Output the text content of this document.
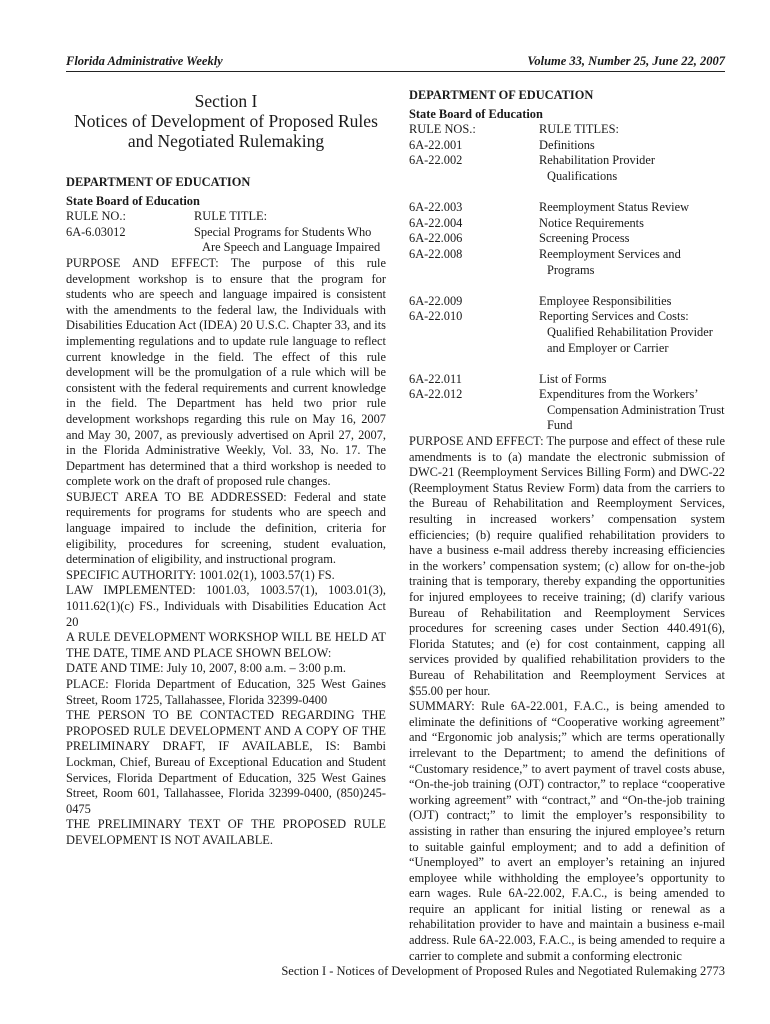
Florida Administrative Weekly	Volume 33, Number 25, June 22, 2007
Section I
Notices of Development of Proposed Rules
and Negotiated Rulemaking
DEPARTMENT OF EDUCATION
State Board of Education
RULE NO.:	RULE TITLE:
6A-6.03012	Special Programs for Students Who
Are Speech and Language Impaired

PURPOSE AND EFFECT: The purpose of this rule development workshop is to ensure that the program for students who are speech and language impaired is consistent with the amendments to the federal law, the Individuals with Disabilities Education Act (IDEA) 20 U.S.C. Chapter 33, and its implementing regulations and to update rule language to reflect current knowledge in the field. The effect of this rule development will be the promulgation of a rule which will be consistent with the federal requirements and current knowledge in the field. The Department has held two prior rule development workshops regarding this rule on May 16, 2007 and May 30, 2007, as previously advertised on April 27, 2007, in the Florida Administrative Weekly, Vol. 33, No. 17. The Department has determined that a third workshop is needed to complete work on the draft of proposed rule changes.

SUBJECT AREA TO BE ADDRESSED: Federal and state requirements for programs for students who are speech and language impaired to include the definition, criteria for eligibility, procedures for screening, student evaluation, determination of eligibility, and instructional program.

SPECIFIC AUTHORITY: 1001.02(1), 1003.57(1) FS.

LAW IMPLEMENTED: 1001.03, 1003.57(1), 1003.01(3), 1011.62(1)(c) FS., Individuals with Disabilities Education Act 20

A RULE DEVELOPMENT WORKSHOP WILL BE HELD AT THE DATE, TIME AND PLACE SHOWN BELOW:

DATE AND TIME: July 10, 2007, 8:00 a.m. – 3:00 p.m.

PLACE: Florida Department of Education, 325 West Gaines Street, Room 1725, Tallahassee, Florida 32399-0400

THE PERSON TO BE CONTACTED REGARDING THE PROPOSED RULE DEVELOPMENT AND A COPY OF THE PRELIMINARY DRAFT, IF AVAILABLE, IS: Bambi Lockman, Chief, Bureau of Exceptional Education and Student Services, Florida Department of Education, 325 West Gaines Street, Room 601, Tallahassee, Florida 32399-0400, (850)245-0475

THE PRELIMINARY TEXT OF THE PROPOSED RULE DEVELOPMENT IS NOT AVAILABLE.

DEPARTMENT OF EDUCATION
State Board of Education
RULE NOS.:	RULE TITLES:
6A-22.001	Definitions
6A-22.002	Rehabilitation Provider
Qualifications
6A-22.003	Reemployment Status Review
6A-22.004	Notice Requirements
6A-22.006	Screening Process
6A-22.008	Reemployment Services and
Programs
6A-22.009	Employee Responsibilities
6A-22.010	Reporting Services and Costs:
Qualified Rehabilitation Provider
and Employer or Carrier
6A-22.011	List of Forms
6A-22.012	Expenditures from the Workers’
Compensation Administration Trust
Fund

PURPOSE AND EFFECT: The purpose and effect of these rule amendments is to (a) mandate the electronic submission of DWC-21 (Reemployment Services Billing Form) and DWC-22 (Reemployment Status Review Form) data from the carriers to the Bureau of Rehabilitation and Reemployment Services, resulting in increased workers’ compensation system efficiencies; (b) require qualified rehabilitation providers to have a business e-mail address thereby increasing efficiencies in the workers’ compensation system; (c) allow for on-the-job training that is temporary, thereby expanding the opportunities for injured employees to receive training; (d) clarify various Bureau of Rehabilitation and Reemployment Services procedures for screening cases under Section 440.491(6), Florida Statutes; and (e) for cost containment, capping all services provided by qualified rehabilitation providers to the Bureau of Rehabilitation and Reemployment Services at $55.00 per hour.

SUMMARY: Rule 6A-22.001, F.A.C., is being amended to eliminate the definitions of “Cooperative working agreement” and “Ergonomic job analysis;” which are terms operationally irrelevant to the Department; to amend the definitions of “Customary residence,” to avert payment of travel costs abuse, “On-the-job training (OJT) contractor,” to replace “cooperative working agreement” with “contract,” and “On-the-job training (OJT) contract;” to limit the employer’s responsibility to assisting in rather than ensuring the injured employee’s return to suitable gainful employment; and to add a definition of “Unemployed” to avert an employer’s retaining an injured employee while withholding the employee’s opportunity to earn wages. Rule 6A-22.002, F.A.C., is being amended to require an applicant for initial listing or renewal as a rehabilitation provider to have and maintain a business e-mail address. Rule 6A-22.003, F.A.C., is being amended to require a carrier to complete and submit a conforming electronic

Section I - Notices of Development of Proposed Rules and Negotiated Rulemaking 2773
